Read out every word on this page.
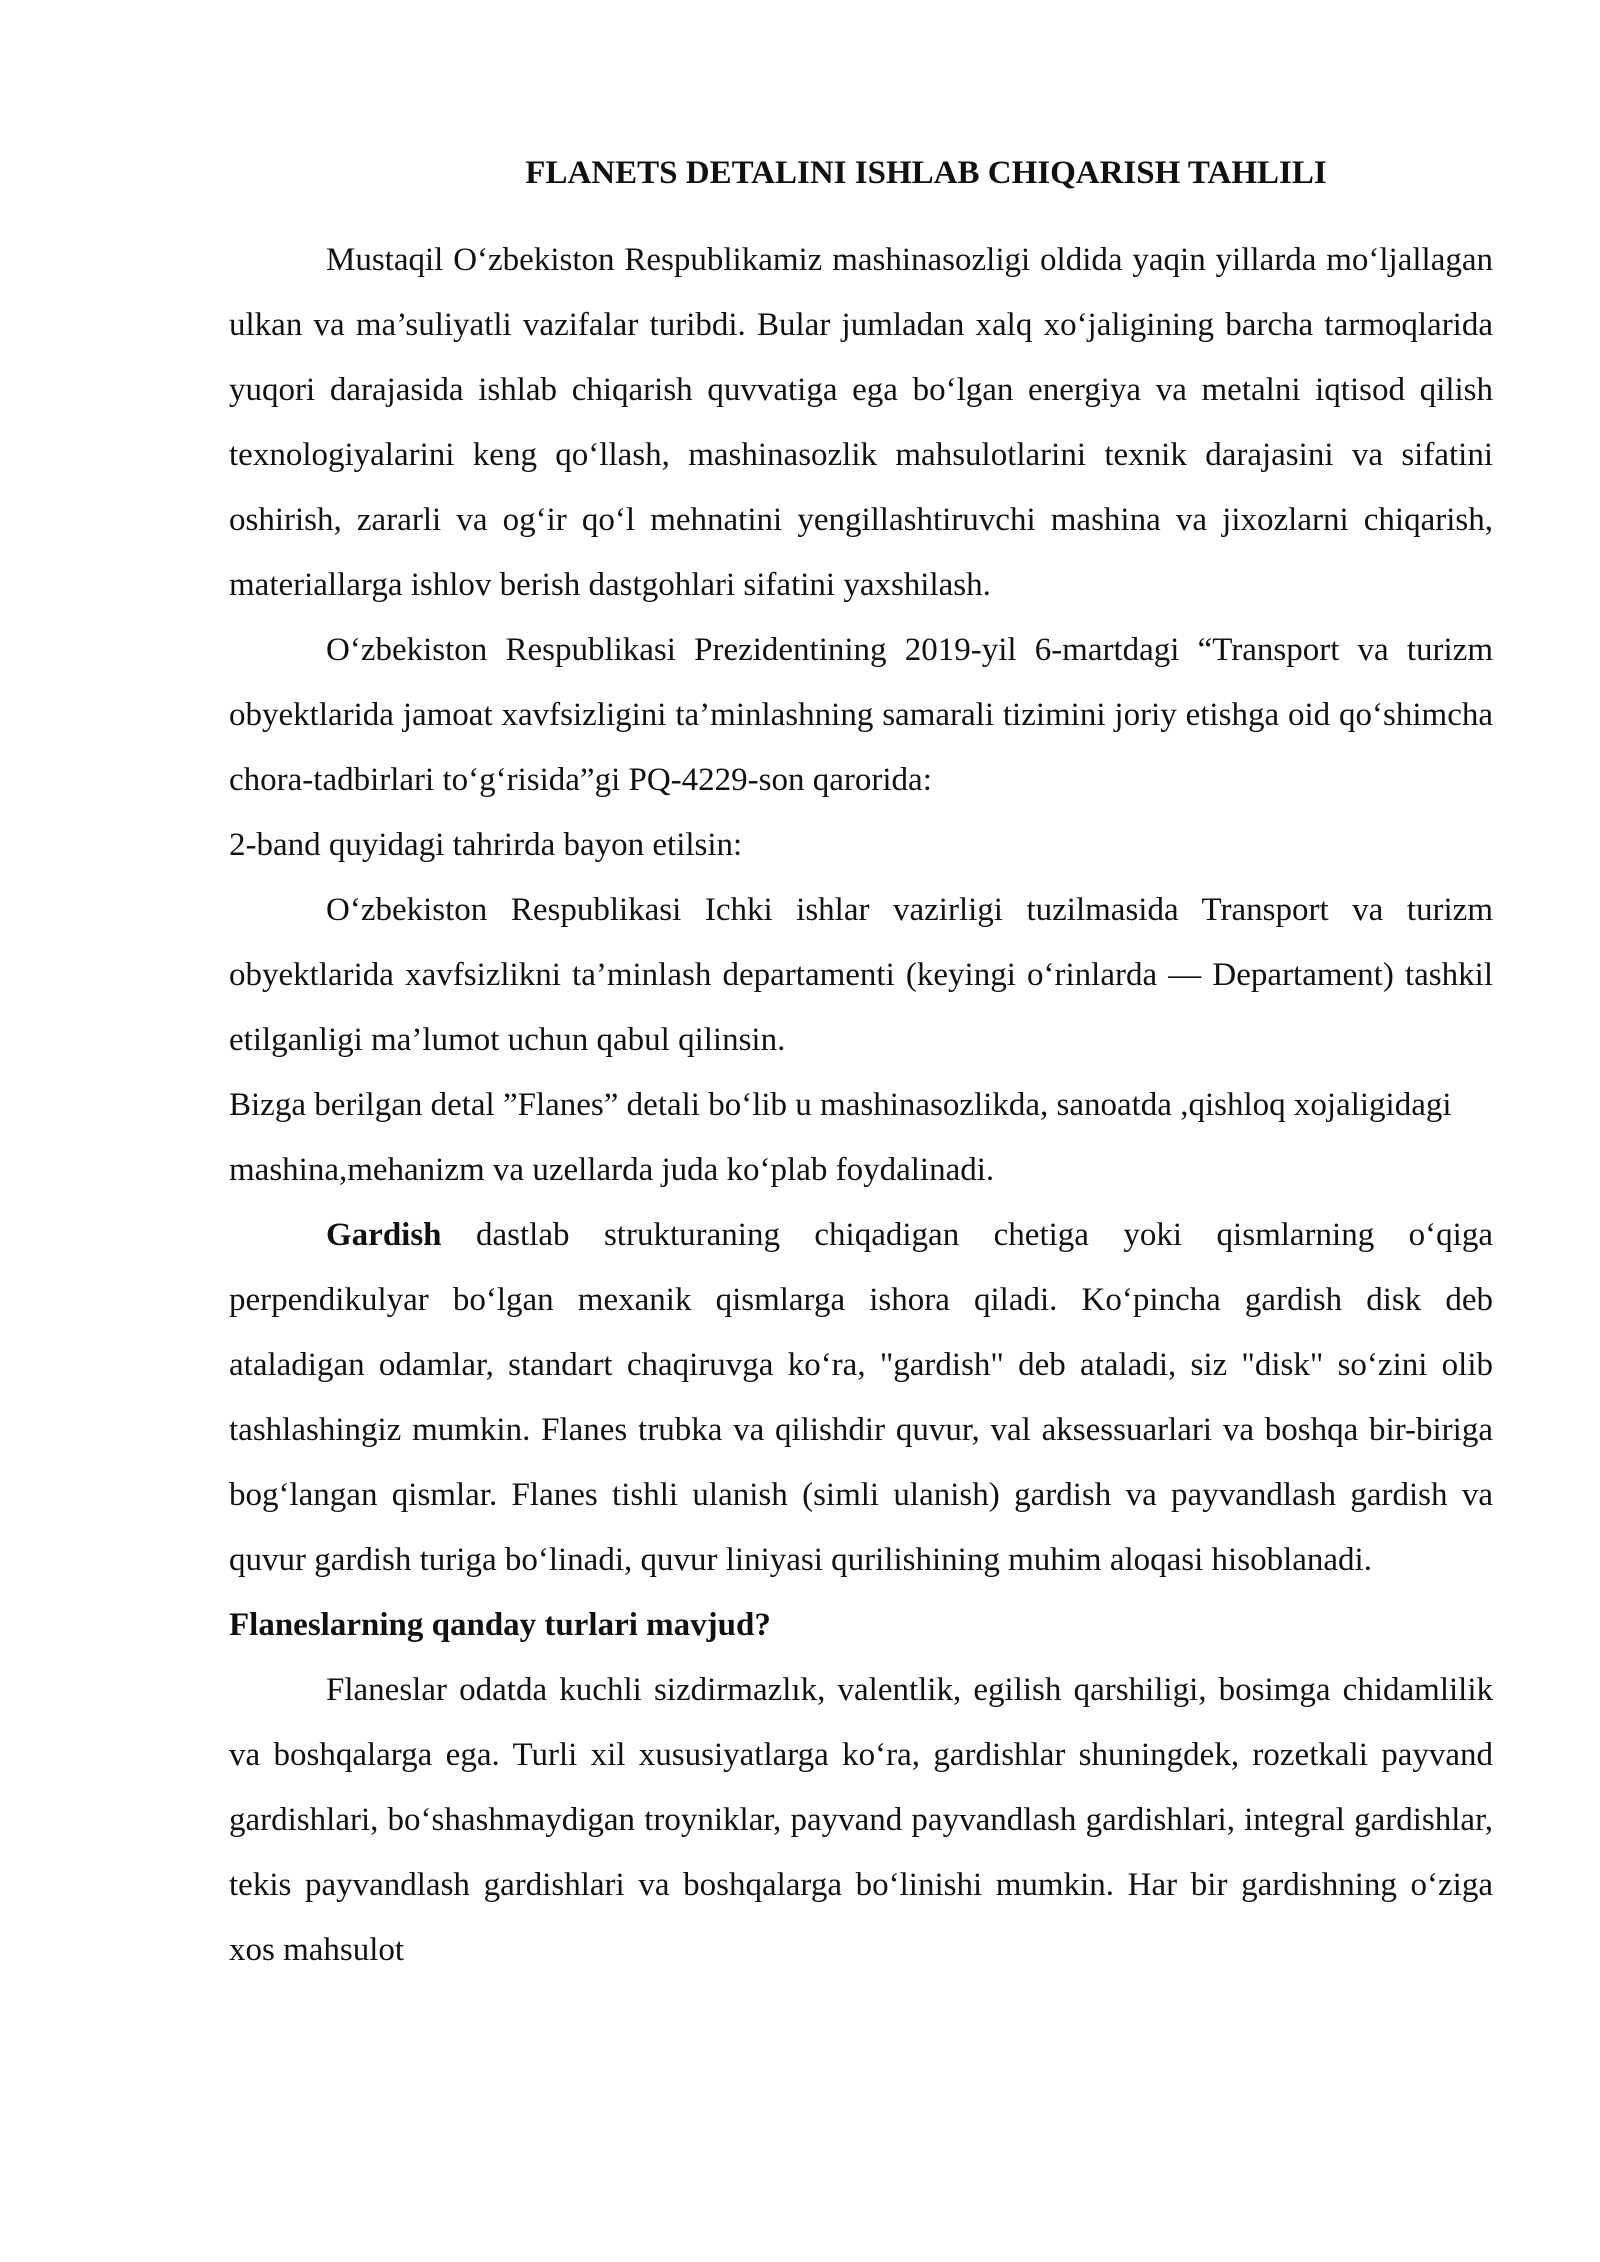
FLANETS DETALINI ISHLAB CHIQARISH TAHLILI

Mustaqil O‘zbekiston Respublikamiz mashinasozligi oldida yaqin yillarda mo‘ljallagan ulkan va ma’suliyatli vazifalar turibdi. Bular jumladan xalq xo‘jaligining barcha tarmoqlarida yuqori darajasida ishlab chiqarish quvvatiga ega bo‘lgan energiya va metalni iqtisod qilish texnologiyalarini keng qo‘llash, mashinasozlik mahsulotlarini texnik darajasini va sifatini oshirish, zararli va og‘ir qo‘l mehnatini yengillashtiruvchi mashina va jixozlarni chiqarish, materiallarga ishlov berish dastgohlari sifatini yaxshilash.

O‘zbekiston Respublikasi Prezidentining 2019-yil 6-martdagi “Transport va turizm obyektlarida jamoat xavfsizligini ta’minlashning samarali tizimini joriy etishga oid qo‘shimcha chora-tadbirlari to‘g‘risida”gi PQ-4229-son qarorida:

2-band quyidagi tahrirda bayon etilsin:

O‘zbekiston Respublikasi Ichki ishlar vazirligi tuzilmasida Transport va turizm obyektlarida xavfsizlikni ta’minlash departamenti (keyingi o‘rinlarda — Departament) tashkil etilganligi ma’lumot uchun qabul qilinsin.

Bizga berilgan detal ”Flanes” detali bo‘lib u mashinasozlikda, sanoatda ,qishloq xojaligidagi mashina,mehanizm va uzellarda juda ko‘plab foydalinadi.

Gardish dastlab strukturaning chiqadigan chetiga yoki qismlarning o‘qiga perpendikulyar bo‘lgan mexanik qismlarga ishora qiladi. Ko‘pincha gardish disk deb ataladigan odamlar, standart chaqiruvga ko‘ra, "gardish" deb ataladi, siz "disk" so‘zini olib tashlashingiz mumkin. Flanes trubka va qilishdir quvur, val aksessuarlari va boshqa bir-biriga bog‘langan qismlar. Flanes tishli ulanish (simli ulanish) gardish va payvandlash gardish va quvur gardish turiga bo‘linadi, quvur liniyasi qurilishining muhim aloqasi hisoblanadi.

Flaneslarning qanday turlari mavjud?

Flaneslar odatda kuchli sizdirmazlık, valentlik, egilish qarshiligi, bosimga chidamlilik va boshqalarga ega. Turli xil xususiyatlarga ko‘ra, gardishlar shuningdek, rozetkali payvand gardishlari, bo‘shashmaydigan troyniklar, payvand payvandlash gardishlari, integral gardishlar, tekis payvandlash gardishlari va boshqalarga bo‘linishi mumkin. Har bir gardishning o‘ziga xos mahsulot
